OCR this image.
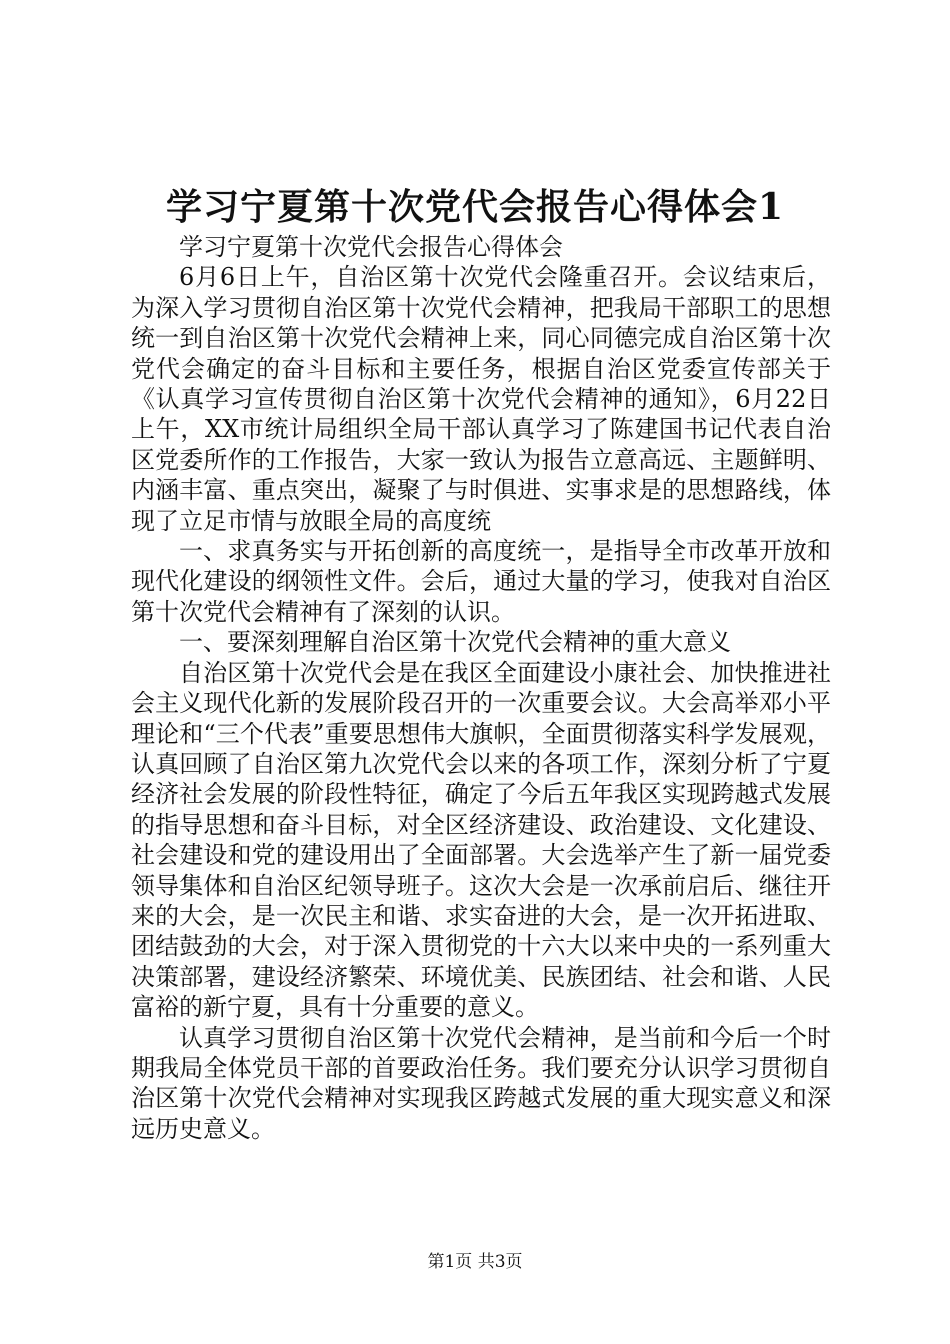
学习宁夏第十次党代会报告心得体会1

学习宁夏第十次党代会报告心得体会

6月6日上午，自治区第十次党代会隆重召开。会议结束后，为深入学习贯彻自治区第十次党代会精神，把我局干部职工的思想统一到自治区第十次党代会精神上来，同心同德完成自治区第十次党代会确定的奋斗目标和主要任务，根据自治区党委宣传部关于《认真学习宣传贯彻自治区第十次党代会精神的通知》，6月22日上午，XX市统计局组织全局干部认真学习了陈建国书记代表自治区党委所作的工作报告，大家一致认为报告立意高远、主题鲜明、内涵丰富、重点突出，凝聚了与时俱进、实事求是的思想路线，体现了立足市情与放眼全局的高度统

一、求真务实与开拓创新的高度统一，是指导全市改革开放和现代化建设的纲领性文件。会后，通过大量的学习，使我对自治区第十次党代会精神有了深刻的认识。

一、要深刻理解自治区第十次党代会精神的重大意义

自治区第十次党代会是在我区全面建设小康社会、加快推进社会主义现代化新的发展阶段召开的一次重要会议。大会高举邓小平理论和“三个代表”重要思想伟大旗帜，全面贯彻落实科学发展观，认真回顾了自治区第九次党代会以来的各项工作，深刻分析了宁夏经济社会发展的阶段性特征，确定了今后五年我区实现跨越式发展的指导思想和奋斗目标，对全区经济建设、政治建设、文化建设、社会建设和党的建设用出了全面部署。大会选举产生了新一届党委领导集体和自治区纪领导班子。这次大会是一次承前启后、继往开来的大会，是一次民主和谐、求实奋进的大会，是一次开拓进取、团结鼓劲的大会，对于深入贯彻党的十六大以来中央的一系列重大决策部署，建设经济繁荣、环境优美、民族团结、社会和谐、人民富裕的新宁夏，具有十分重要的意义。

认真学习贯彻自治区第十次党代会精神，是当前和今后一个时期我局全体党员干部的首要政治任务。我们要充分认识学习贯彻自治区第十次党代会精神对实现我区跨越式发展的重大现实意义和深远历史意义。

第1页 共3页
